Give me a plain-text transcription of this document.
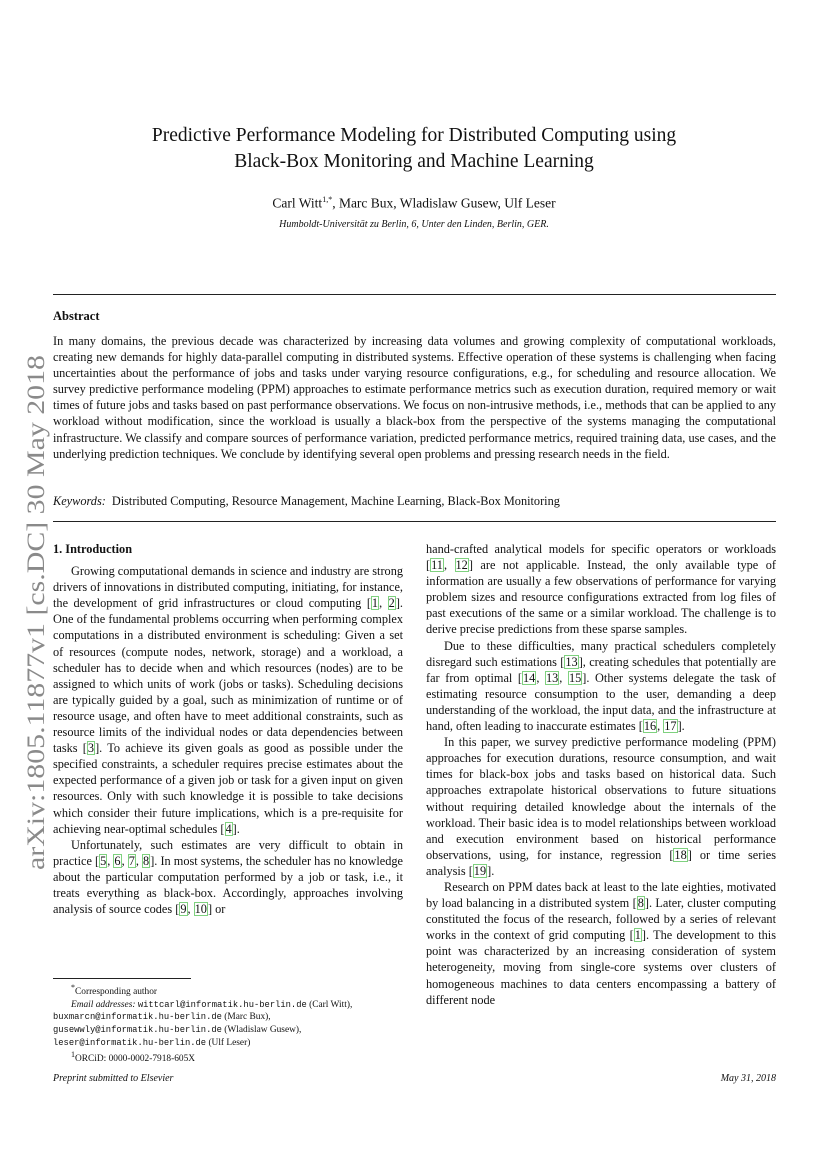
arXiv:1805.11877v1 [cs.DC] 30 May 2018
Predictive Performance Modeling for Distributed Computing using
Black-Box Monitoring and Machine Learning
Carl Witt$^{1,*}$, Marc Bux, Wladislaw Gusew, Ulf Leser
Humboldt-Universität zu Berlin, 6, Unter den Linden, Berlin, GER.
Abstract

In many domains, the previous decade was characterized by increasing data volumes and growing complexity of computational workloads, creating new demands for highly data-parallel computing in distributed systems. Effective operation of these systems is challenging when facing uncertainties about the performance of jobs and tasks under varying resource configurations, e.g., for scheduling and resource allocation. We survey predictive performance modeling (PPM) approaches to estimate performance metrics such as execution duration, required memory or wait times of future jobs and tasks based on past performance observations. We focus on non-intrusive methods, i.e., methods that can be applied to any workload without modification, since the workload is usually a black-box from the perspective of the systems managing the computational infrastructure. We classify and compare sources of performance variation, predicted performance metrics, required training data, use cases, and the underlying prediction techniques. We conclude by identifying several open problems and pressing research needs in the field.

Keywords: Distributed Computing, Resource Management, Machine Learning, Black-Box Monitoring
1. Introduction

Growing computational demands in science and industry are strong drivers of innovations in distributed computing, initiating, for instance, the development of grid infrastructures or cloud computing [1, 2]. One of the fundamental problems occurring when performing complex computations in a distributed environment is scheduling: Given a set of resources (compute nodes, network, storage) and a workload, a scheduler has to decide when and which resources (nodes) are to be assigned to which units of work (jobs or tasks). Scheduling decisions are typically guided by a goal, such as minimization of runtime or of resource usage, and often have to meet additional constraints, such as resource limits of the individual nodes or data dependencies between tasks [3]. To achieve its given goals as good as possible under the specified constraints, a scheduler requires precise estimates about the expected performance of a given job or task for a given input on given resources. Only with such knowledge it is possible to take decisions which consider their future implications, which is a pre-requisite for achieving near-optimal schedules [4].

Unfortunately, such estimates are very difficult to obtain in practice [5, 6, 7, 8]. In most systems, the scheduler has no knowledge about the particular computation performed by a job or task, i.e., it treats everything as black-box. Accordingly, approaches involving analysis of source codes [9, 10] or

*Corresponding author
Email addresses: wittcarl@informatik.hu-berlin.de (Carl Witt),
buxmarcn@informatik.hu-berlin.de (Marc Bux),
gusewwly@informatik.hu-berlin.de (Wladislaw Gusew),
leser@informatik.hu-berlin.de (Ulf Leser)
$^1$ORCiD: 0000-0002-7918-605X

hand-crafted analytical models for specific operators or workloads [11, 12] are not applicable. Instead, the only available type of information are usually a few observations of performance for varying problem sizes and resource configurations extracted from log files of past executions of the same or a similar workload. The challenge is to derive precise predictions from these sparse samples.

Due to these difficulties, many practical schedulers completely disregard such estimations [13], creating schedules that potentially are far from optimal [14, 13, 15]. Other systems delegate the task of estimating resource consumption to the user, demanding a deep understanding of the workload, the input data, and the infrastructure at hand, often leading to inaccurate estimates [16, 17].

In this paper, we survey predictive performance modeling (PPM) approaches for execution durations, resource consumption, and wait times for black-box jobs and tasks based on historical data. Such approaches extrapolate historical observations to future situations without requiring detailed knowledge about the internals of the workload. Their basic idea is to model relationships between workload and execution environment based on historical performance observations, using, for instance, regression [18] or time series analysis [19].

Research on PPM dates back at least to the late eighties, motivated by load balancing in a distributed system [8]. Later, cluster computing constituted the focus of the research, followed by a series of relevant works in the context of grid computing [1]. The development to this point was characterized by an increasing consideration of system heterogeneity, moving from single-core systems over clusters of homogeneous machines to data centers encompassing a battery of different node

Preprint submitted to Elsevier	May 31, 2018
